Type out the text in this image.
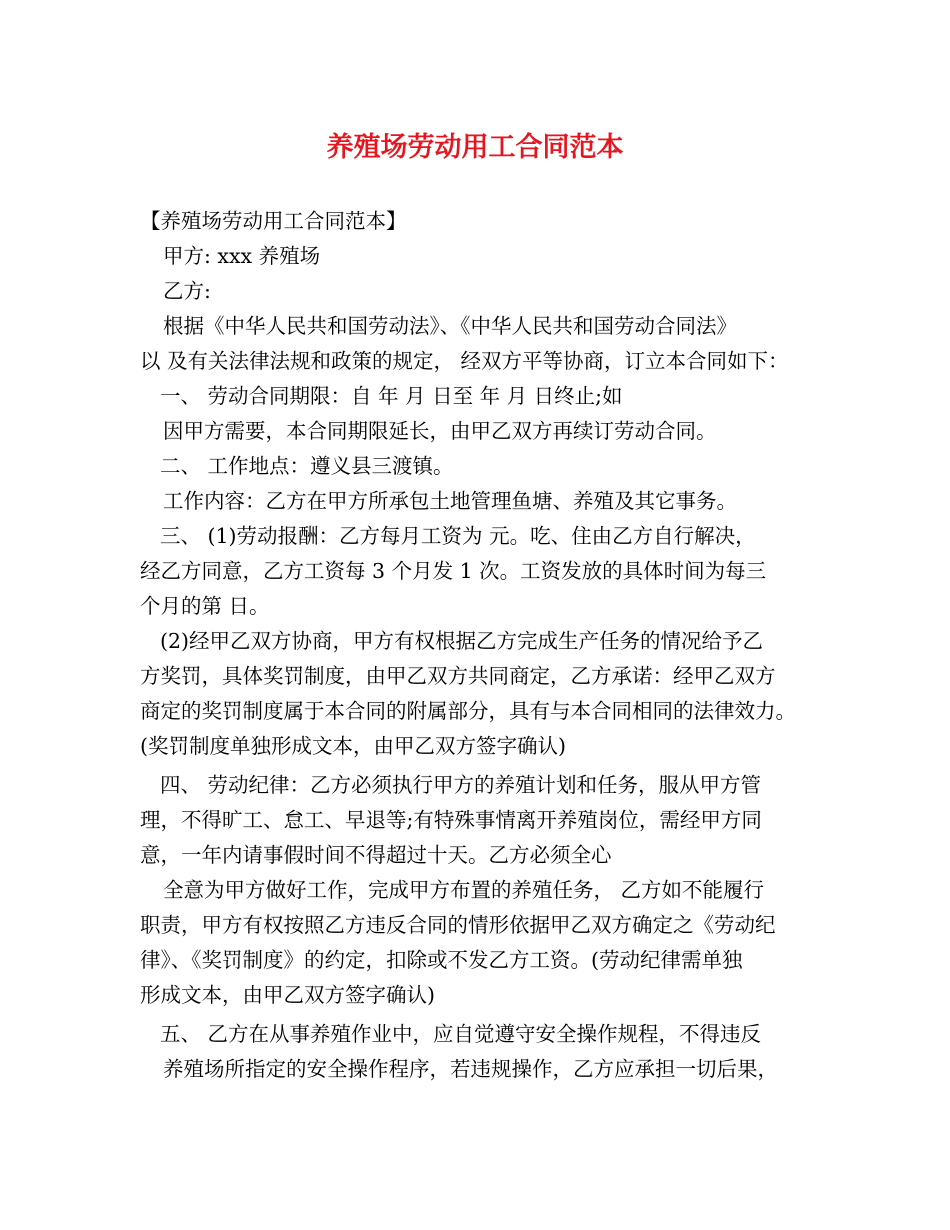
养殖场劳动用工合同范本
【养殖场劳动用工合同范本】
甲方: xxx 养殖场
乙方:
根据《中华人民共和国劳动法》、《中华人民共和国劳动合同法》
以 及有关法律法规和政策的规定， 经双方平等协商，订立本合同如下：
一、 劳动合同期限：自 年 月 日至 年 月 日终止;如
因甲方需要，本合同期限延长，由甲乙双方再续订劳动合同。
二、 工作地点：遵义县三渡镇。
工作内容：乙方在甲方所承包土地管理鱼塘、养殖及其它事务。
三、 (1)劳动报酬：乙方每月工资为 元。吃、住由乙方自行解决，
经乙方同意，乙方工资每 3 个月发 1 次。工资发放的具体时间为每三
个月的第 日。
(2)经甲乙双方协商，甲方有权根据乙方完成生产任务的情况给予乙
方奖罚，具体奖罚制度，由甲乙双方共同商定，乙方承诺：经甲乙双方
商定的奖罚制度属于本合同的附属部分，具有与本合同相同的法律效力。
(奖罚制度单独形成文本，由甲乙双方签字确认)
四、 劳动纪律：乙方必须执行甲方的养殖计划和任务，服从甲方管
理，不得旷工、怠工、早退等;有特殊事情离开养殖岗位，需经甲方同
意，一年内请事假时间不得超过十天。乙方必须全心
全意为甲方做好工作，完成甲方布置的养殖任务， 乙方如不能履行
职责，甲方有权按照乙方违反合同的情形依据甲乙双方确定之《劳动纪
律》、《奖罚制度》的约定，扣除或不发乙方工资。(劳动纪律需单独
形成文本，由甲乙双方签字确认)
五、 乙方在从事养殖作业中，应自觉遵守安全操作规程，不得违反
养殖场所指定的安全操作程序，若违规操作，乙方应承担一切后果，
